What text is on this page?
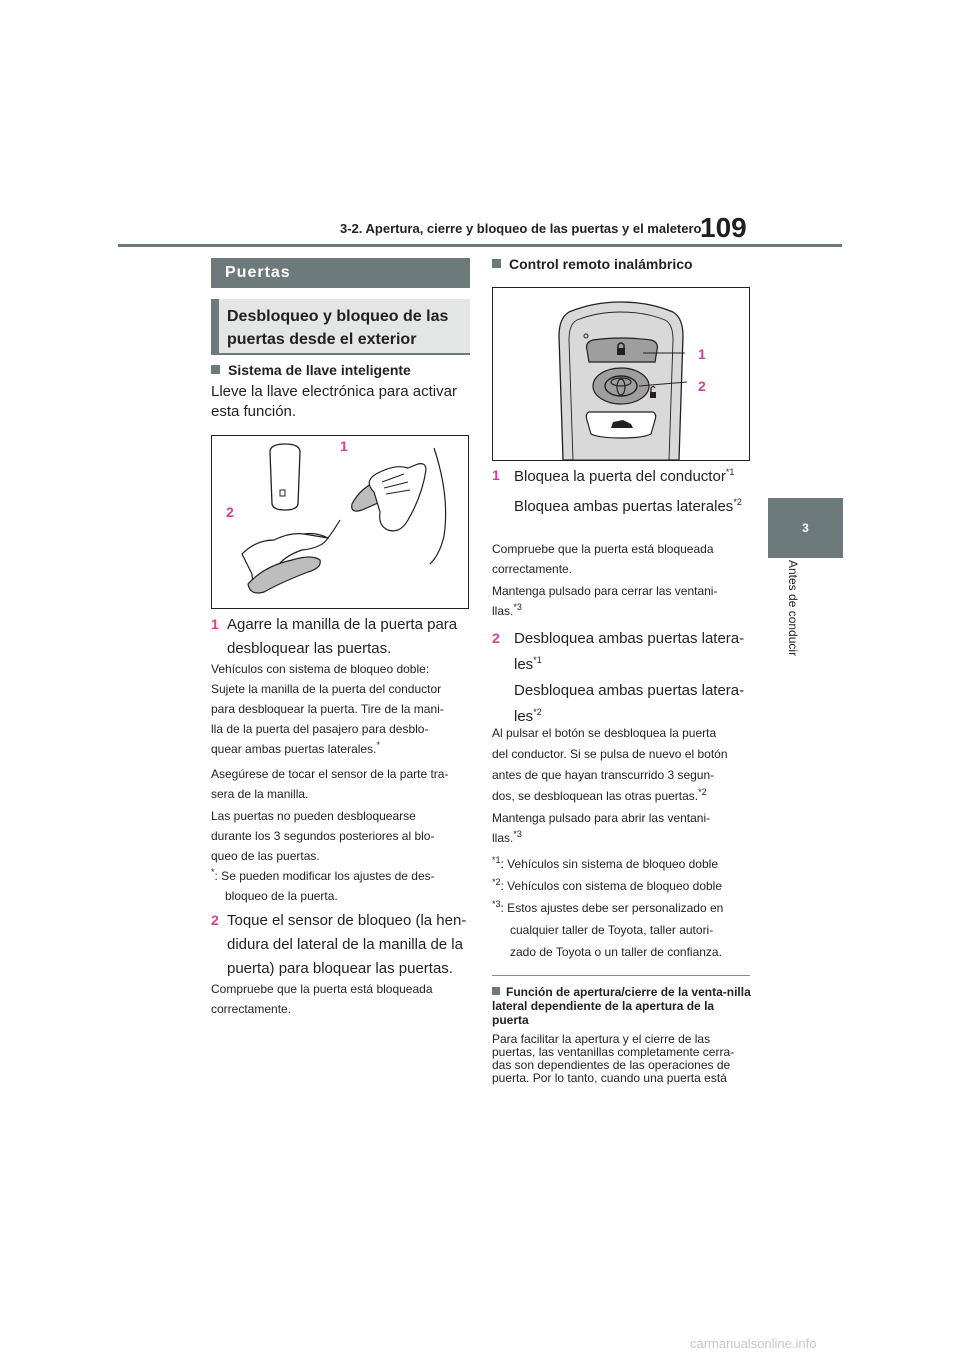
3-2. Apertura, cierre y bloqueo de las puertas y el maletero
109
3
Antes de conducir
Puertas
Desbloqueo y bloqueo de las
puertas desde el exterior
Sistema de llave inteligente
Lleve la llave electrónica para activar
esta función.
1
2
1 Agarre la manilla de la puerta para
desbloquear las puertas.
Vehículos con sistema de bloqueo doble:
Sujete la manilla de la puerta del conductor
para desbloquear la puerta. Tire de la mani-
lla de la puerta del pasajero para desblo-
quear ambas puertas laterales.*
Asegúrese de tocar el sensor de la parte tra-
sera de la manilla.
Las puertas no pueden desbloquearse
durante los 3 segundos posteriores al blo-
queo de las puertas.
*: Se pueden modificar los ajustes de des-
bloqueo de la puerta.
2 Toque el sensor de bloqueo (la hen-
didura del lateral de la manilla de la
puerta) para bloquear las puertas.
Compruebe que la puerta está bloqueada
correctamente.
Control remoto inalámbrico
1
2
1 Bloquea la puerta del conductor$^{*1}$
Bloquea ambas puertas laterales$^{*2}$
Compruebe que la puerta está bloqueada
correctamente.
Mantenga pulsado para cerrar las ventani-
llas.$^{*3}$
2 Desbloquea ambas puertas latera-
les$^{*1}$
Desbloquea ambas puertas latera-
les$^{*2}$
Al pulsar el botón se desbloquea la puerta
del conductor. Si se pulsa de nuevo el botón
antes de que hayan transcurrido 3 segun-
dos, se desbloquean las otras puertas.$^{*2}$
Mantenga pulsado para abrir las ventani-
llas.$^{*3}$
$^{*1}$: Vehículos sin sistema de bloqueo doble
$^{*2}$: Vehículos con sistema de bloqueo doble
$^{*3}$: Estos ajustes debe ser personalizado en
cualquier taller de Toyota, taller autori-
zado de Toyota o un taller de confianza.
Función de apertura/cierre de la venta-nilla lateral dependiente de la apertura de la puerta
Para facilitar la apertura y el cierre de las
puertas, las ventanillas completamente cerra-
das son dependientes de las operaciones de
puerta. Por lo tanto, cuando una puerta está
carmanualsonline.info
